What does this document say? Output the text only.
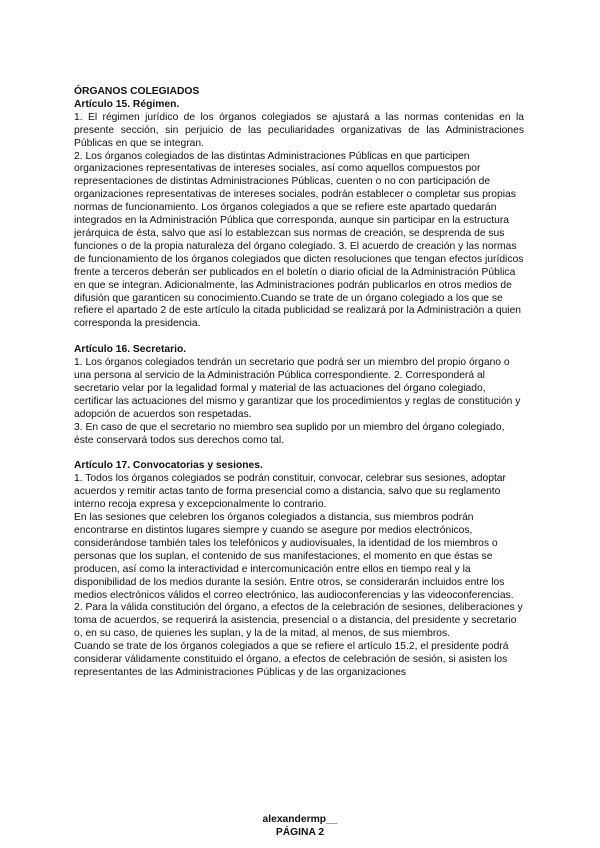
ÓRGANOS COLEGIADOS

Artículo 15. Régimen.

1. El régimen jurídico de los órganos colegiados se ajustará a las normas contenidas en la presente sección, sin perjuicio de las peculiaridades organizativas de las Administraciones Públicas en que se integran.

2. Los órganos colegiados de las distintas Administraciones Públicas en que participen organizaciones representativas de intereses sociales, así como aquellos compuestos por representaciones de distintas Administraciones Públicas, cuenten o no con participación de organizaciones representativas de intereses sociales, podrán establecer o completar sus propias normas de funcionamiento. Los órganos colegiados a que se refiere este apartado quedarán integrados en la Administración Pública que corresponda, aunque sin participar en la estructura jerárquica de ésta, salvo que así lo establezcan sus normas de creación, se desprenda de sus funciones o de la propia naturaleza del órgano colegiado. 3. El acuerdo de creación y las normas de funcionamiento de los órganos colegiados que dicten resoluciones que tengan efectos jurídicos frente a terceros deberán ser publicados en el boletín o diario oficial de la Administración Pública en que se integran. Adicionalmente, las Administraciones podrán publicarlos en otros medios de difusión que garanticen su conocimiento.Cuando se trate de un órgano colegiado a los que se refiere el apartado 2 de este artículo la citada publicidad se realizará por la Administración a quien corresponda la presidencia.

Artículo 16. Secretario.

1. Los órganos colegiados tendrán un secretario que podrá ser un miembro del propio órgano o una persona al servicio de la Administración Pública correspondiente. 2. Corresponderá al secretario velar por la legalidad formal y material de las actuaciones del órgano colegiado, certificar las actuaciones del mismo y garantizar que los procedimientos y reglas de constitución y adopción de acuerdos son respetadas.

3. En caso de que el secretario no miembro sea suplido por un miembro del órgano colegiado, éste conservará todos sus derechos como tal.

Artículo 17. Convocatorias y sesiones.

1. Todos los órganos colegiados se podrán constituir, convocar, celebrar sus sesiones, adoptar acuerdos y remitir actas tanto de forma presencial como a distancia, salvo que su reglamento interno recoja expresa y excepcionalmente lo contrario.

En las sesiones que celebren los órganos colegiados a distancia, sus miembros podrán encontrarse en distintos lugares siempre y cuando se asegure por medios electrónicos, considerándose también tales los telefónicos y audiovisuales, la identidad de los miembros o personas que los suplan, el contenido de sus manifestaciones, el momento en que éstas se producen, así como la interactividad e intercomunicación entre ellos en tiempo real y la disponibilidad de los medios durante la sesión. Entre otros, se considerarán incluidos entre los medios electrónicos válidos el correo electrónico, las audioconferencias y las videoconferencias.

2. Para la válida constitución del órgano, a efectos de la celebración de sesiones, deliberaciones y toma de acuerdos, se requerirá la asistencia, presencial o a distancia, del presidente y secretario o, en su caso, de quienes les suplan, y la de la mitad, al menos, de sus miembros.

Cuando se trate de los órganos colegiados a que se refiere el artículo 15.2, el presidente podrá considerar válidamente constituido el órgano, a efectos de celebración de sesión, si asisten los representantes de las Administraciones Públicas y de las organizaciones

alexandermp__
PÁGINA 2
